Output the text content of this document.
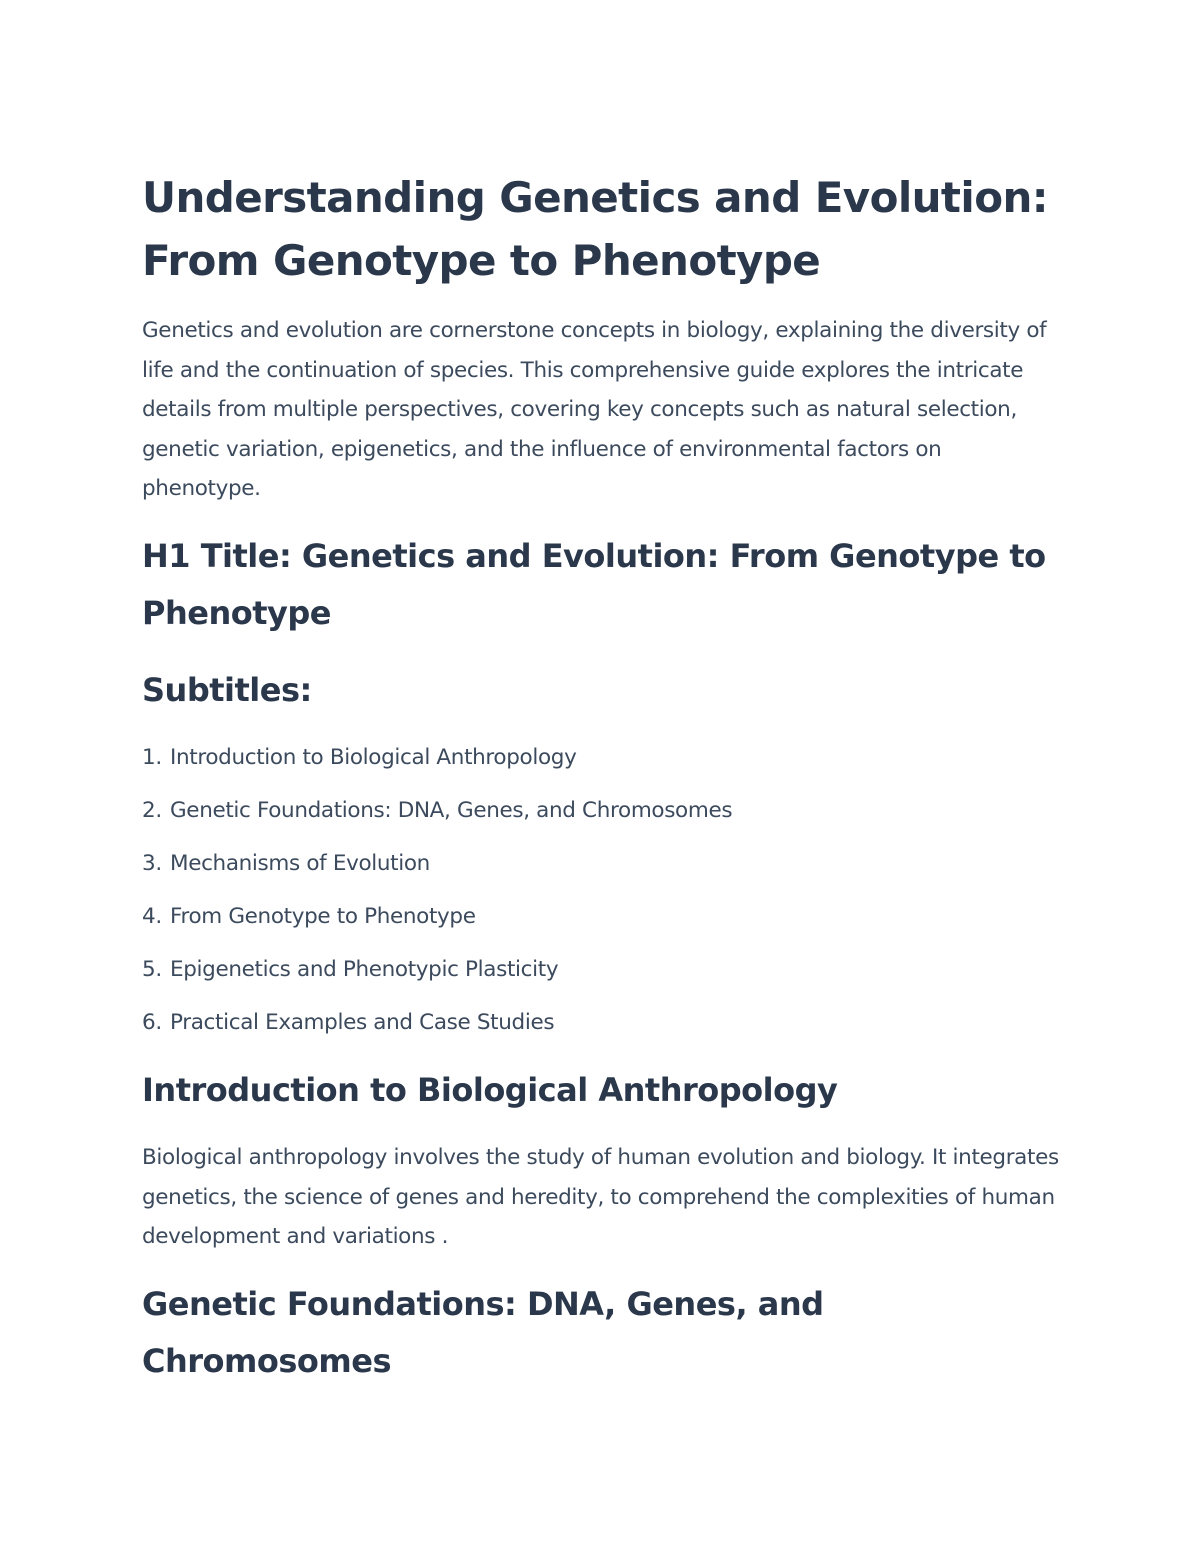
Understanding Genetics and Evolution: From Genotype to Phenotype

Genetics and evolution are cornerstone concepts in biology, explaining the diversity of life and the continuation of species. This comprehensive guide explores the intricate details from multiple perspectives, covering key concepts such as natural selection, genetic variation, epigenetics, and the influence of environmental factors on phenotype.

H1 Title: Genetics and Evolution: From Genotype to Phenotype
Subtitles:
1. Introduction to Biological Anthropology
2. Genetic Foundations: DNA, Genes, and Chromosomes
3. Mechanisms of Evolution
4. From Genotype to Phenotype
5. Epigenetics and Phenotypic Plasticity
6. Practical Examples and Case Studies
Introduction to Biological Anthropology

Biological anthropology involves the study of human evolution and biology. It integrates genetics, the science of genes and heredity, to comprehend the complexities of human development and variations .

Genetic Foundations: DNA, Genes, and Chromosomes
